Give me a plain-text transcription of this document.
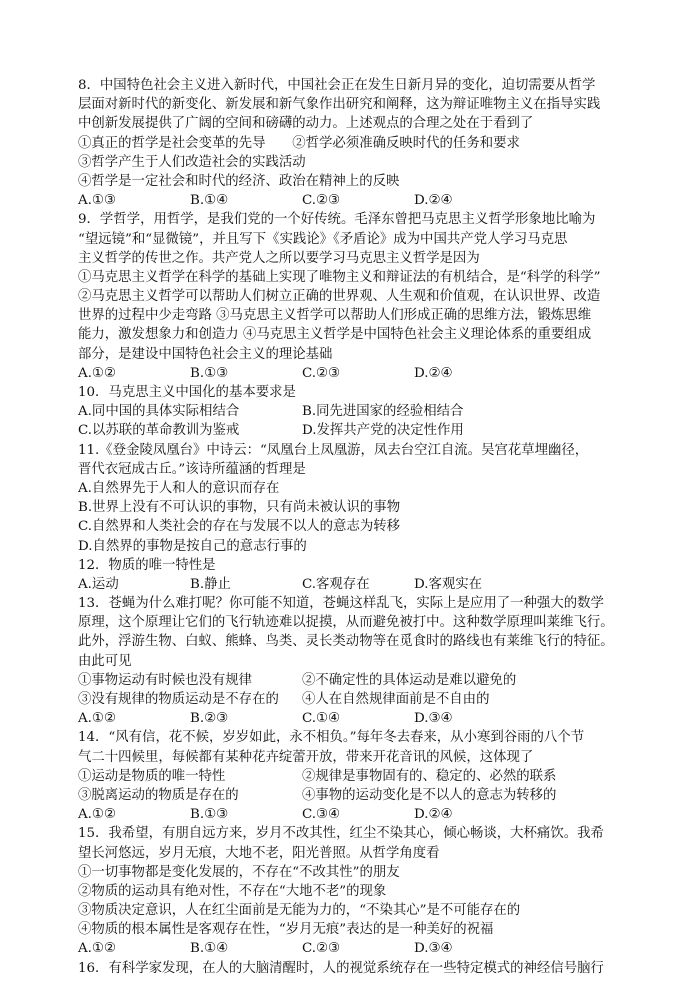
8．中国特色社会主义进入新时代，中国社会正在发生日新月异的变化，迫切需要从哲学
层面对新时代的新变化、新发展和新气象作出研究和阐释，这为辩证唯物主义在指导实践
中创新发展提供了广阔的空间和磅礴的动力。上述观点的合理之处在于看到了
①真正的哲学是社会变革的先导　　②哲学必须准确反映时代的任务和要求
③哲学产生于人们改造社会的实践活动
④哲学是一定社会和时代的经济、政治在精神上的反映
A.①③	B.①④	C.②③	D.②④
9．学哲学，用哲学，是我们党的一个好传统。毛泽东曾把马克思主义哲学形象地比喻为
“望远镜”和“显微镜”，并且写下《实践论》《矛盾论》成为中国共产党人学习马克思
主义哲学的传世之作。共产党人之所以要学习马克思主义哲学是因为
①马克思主义哲学在科学的基础上实现了唯物主义和辩证法的有机结合，是“科学的科学”
②马克思主义哲学可以帮助人们树立正确的世界观、人生观和价值观，在认识世界、改造
世界的过程中少走弯路 ③马克思主义哲学可以帮助人们形成正确的思维方法，锻炼思维
能力，激发想象力和创造力 ④马克思主义哲学是中国特色社会主义理论体系的重要组成
部分，是建设中国特色社会主义的理论基础
A.①②	B.①③	C.②③	D.②④
10．马克思主义中国化的基本要求是
A.同中国的具体实际相结合	B.同先进国家的经验相结合
C.以苏联的革命教训为鉴戒	D.发挥共产党的决定性作用
11.《登金陵凤凰台》中诗云：“凤凰台上凤凰游，凤去台空江自流。吴宫花草埋幽径，
晋代衣冠成古丘。”该诗所蕴涵的哲理是
A.自然界先于人和人的意识而存在
B.世界上没有不可认识的事物，只有尚未被认识的事物
C.自然界和人类社会的存在与发展不以人的意志为转移
D.自然界的事物是按自己的意志行事的
12．物质的唯一特性是
A.运动	B.静止	C.客观存在	D.客观实在
13．苍蝇为什么难打呢？你可能不知道，苍蝇这样乱飞，实际上是应用了一种强大的数学
原理，这个原理让它们的飞行轨迹难以捉摸，从而避免被打中。这种数学原理叫莱维飞行。
此外，浮游生物、白蚁、熊蜂、鸟类、灵长类动物等在觅食时的路线也有莱维飞行的特征。
由此可见
①事物运动有时候也没有规律	②不确定性的具体运动是难以避免的
③没有规律的物质运动是不存在的	④人在自然规律面前是不自由的
A.①②	B.②③	C.①④	D.③④
14．“风有信，花不候，岁岁如此，永不相负。”每年冬去春来，从小寒到谷雨的八个节
气二十四候里，每候都有某种花卉绽蕾开放，带来开花音讯的风候，这体现了
①运动是物质的唯一特性	②规律是事物固有的、稳定的、必然的联系
③脱离运动的物质是存在的	④事物的运动变化是不以人的意志为转移的
A.①②	B.①③	C.③④	D.②④
15．我希望，有朋自远方来，岁月不改其性，红尘不染其心，倾心畅谈，大杯痛饮。我希
望长河悠远，岁月无痕，大地不老，阳光普照。从哲学角度看
①一切事物都是变化发展的，不存在“不改其性”的朋友
②物质的运动具有绝对性，不存在“大地不老”的现象
③物质决定意识，人在红尘面前是无能为力的，“不染其心”是不可能存在的
④物质的根本属性是客观存在性，“岁月无痕”表达的是一种美好的祝福
A.①②	B.①④	C.②③	D.③④
16．有科学家发现，在人的大脑清醒时，人的视觉系统存在一些特定模式的神经信号脑行
